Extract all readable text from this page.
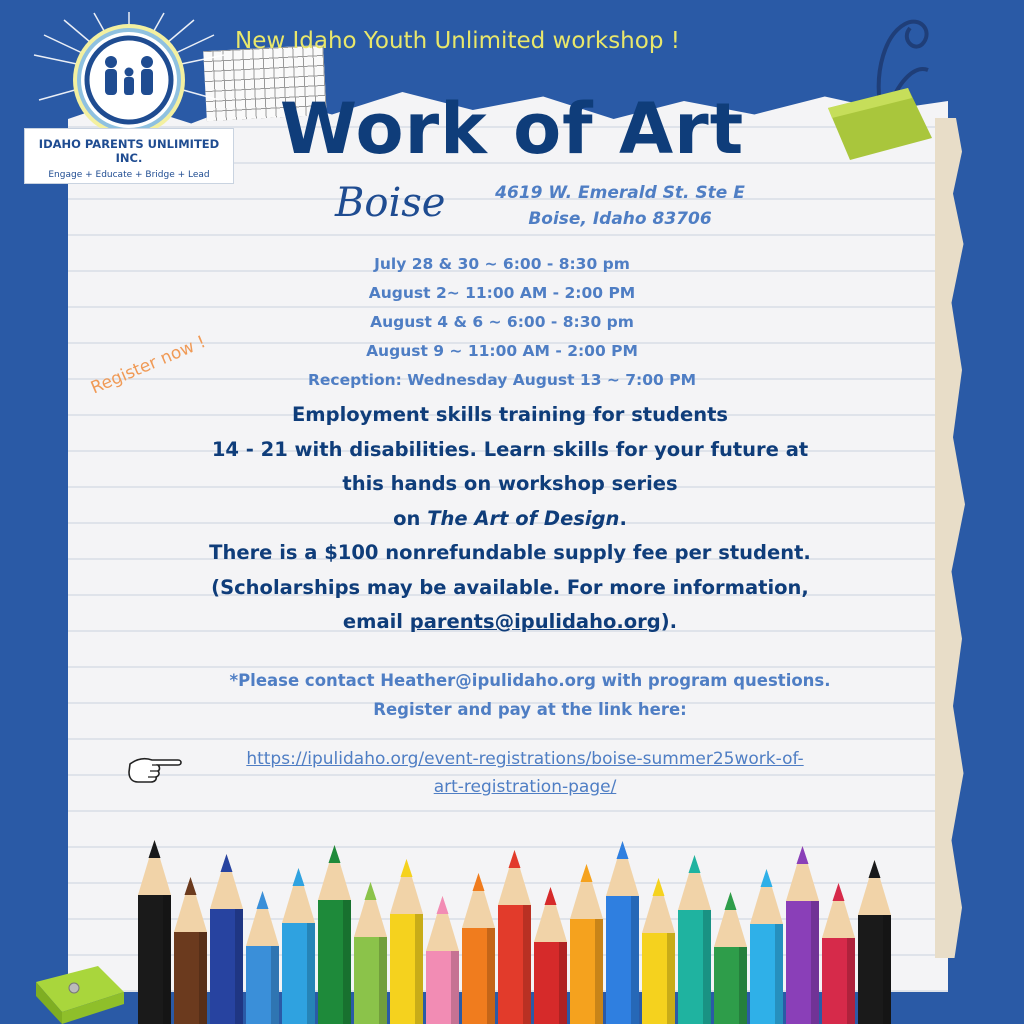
IDAHO PARENTS UNLIMITED INC.
Engage + Educate + Bridge + Lead
New Idaho Youth Unlimited workshop !
Work of Art
Boise	4619 W. Emerald St. Ste E
Boise, Idaho 83706
July 28 & 30 ~ 6:00 - 8:30 pm
August 2~ 11:00 AM - 2:00 PM
August 4 & 6 ~ 6:00 - 8:30 pm
August 9 ~ 11:00 AM - 2:00 PM
Reception: Wednesday August 13 ~ 7:00 PM
Register now !

Employment skills training for students

14 - 21 with disabilities. Learn skills for your future at

this hands on workshop series

on The Art of Design.

There is a $100 nonrefundable supply fee per student.

(Scholarships may be available. For more information,

email parents@ipulidaho.org).

*Please contact Heather@ipulidaho.org with program questions.

Register and pay at the link here:

https://ipulidaho.org/event-registrations/boise-summer25work-of-
art-registration-page/
